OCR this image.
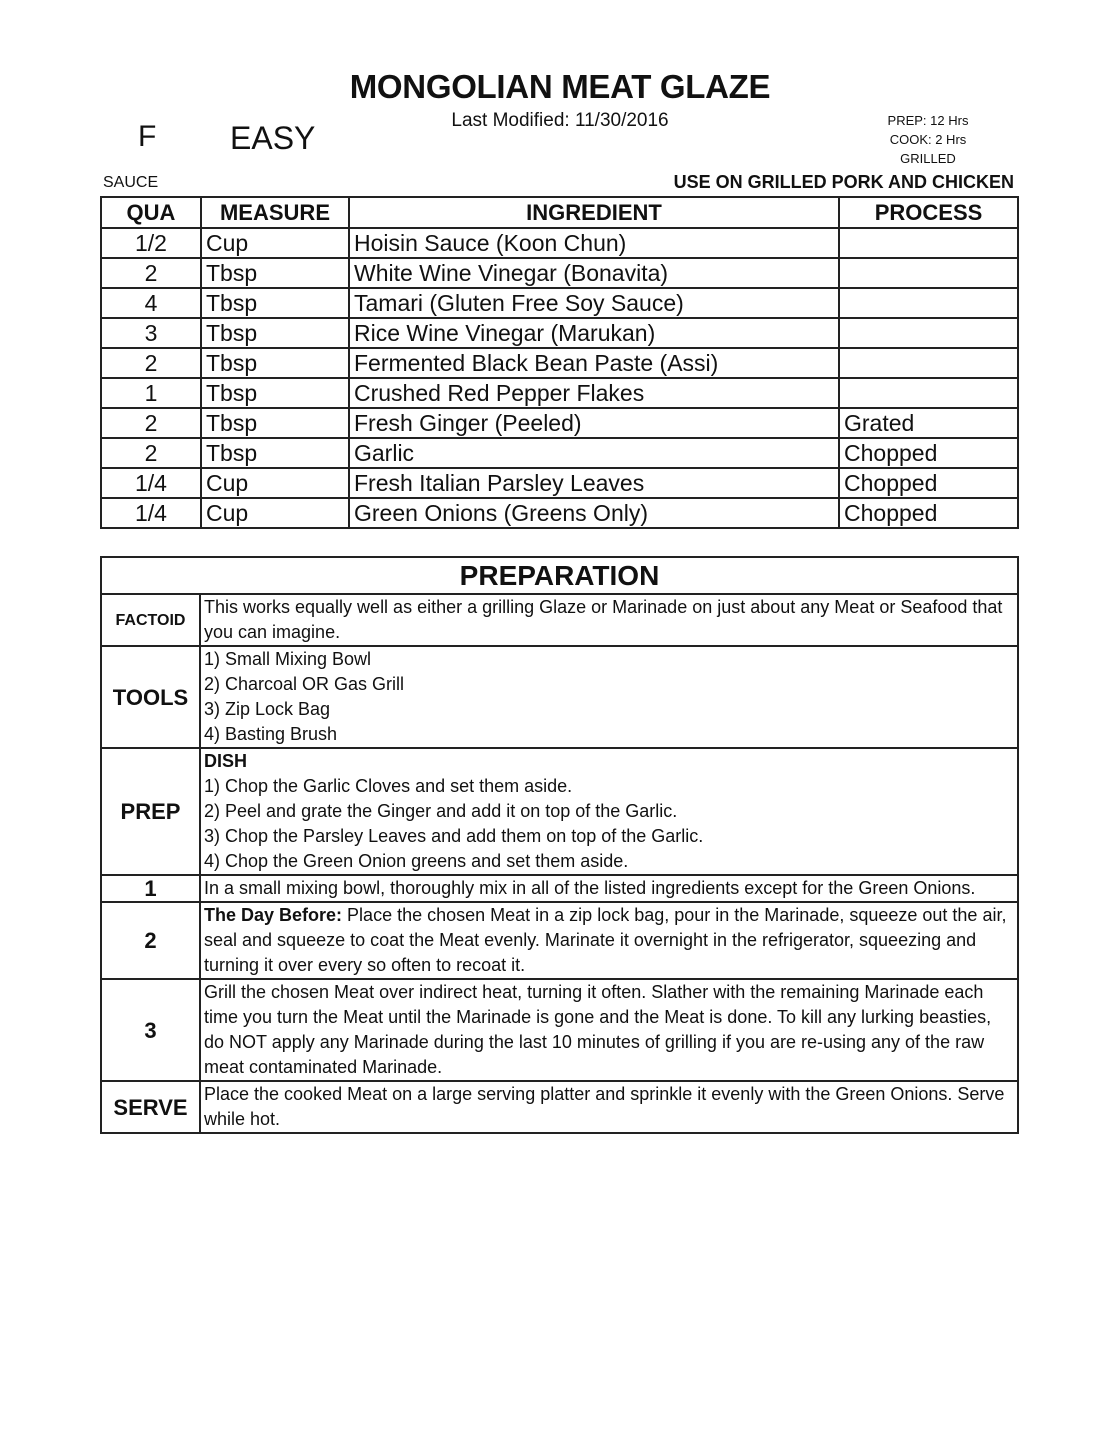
MONGOLIAN MEAT GLAZE
Last Modified: 11/30/2016
F EASY	PREP: 12 Hrs
COOK: 2 Hrs
GRILLED
SAUCE	USE ON GRILLED PORK AND CHICKEN
QUA	MEASURE	INGREDIENT	PROCESS
1/2	Cup	Hoisin Sauce (Koon Chun)	
2	Tbsp	White Wine Vinegar (Bonavita)	
4	Tbsp	Tamari (Gluten Free Soy Sauce)	
3	Tbsp	Rice Wine Vinegar (Marukan)	
2	Tbsp	Fermented Black Bean Paste (Assi)	
1	Tbsp	Crushed Red Pepper Flakes	
2	Tbsp	Fresh Ginger (Peeled)	Grated
2	Tbsp	Garlic	Chopped
1/4	Cup	Fresh Italian Parsley Leaves	Chopped
1/4	Cup	Green Onions (Greens Only)	Chopped
PREPARATION	
FACTOID	This works equally well as either a grilling Glaze or Marinade on just about any Meat or Seafood that you can imagine.
TOOLS	1) Small Mixing Bowl
2) Charcoal OR Gas Grill
3) Zip Lock Bag
4) Basting Brush

PREP	DISH
1) Chop the Garlic Cloves and set them aside.
2) Peel and grate the Ginger and add it on top of the Garlic.
3) Chop the Parsley Leaves and add them on top of the Garlic.
4) Chop the Green Onion greens and set them aside.

1	In a small mixing bowl, thoroughly mix in all of the listed ingredients except for the Green Onions.
2	The Day Before: Place the chosen Meat in a zip lock bag, pour in the Marinade, squeeze out the air, seal and squeeze to coat the Meat evenly. Marinate it overnight in the refrigerator, squeezing and turning it over every so often to recoat it.
3	Grill the chosen Meat over indirect heat, turning it often. Slather with the remaining Marinade each time you turn the Meat until the Marinade is gone and the Meat is done. To kill any lurking beasties, do NOT apply any Marinade during the last 10 minutes of grilling if you are re-using any of the raw meat contaminated Marinade.
SERVE	Place the cooked Meat on a large serving platter and sprinkle it evenly with the Green Onions. Serve while hot.
